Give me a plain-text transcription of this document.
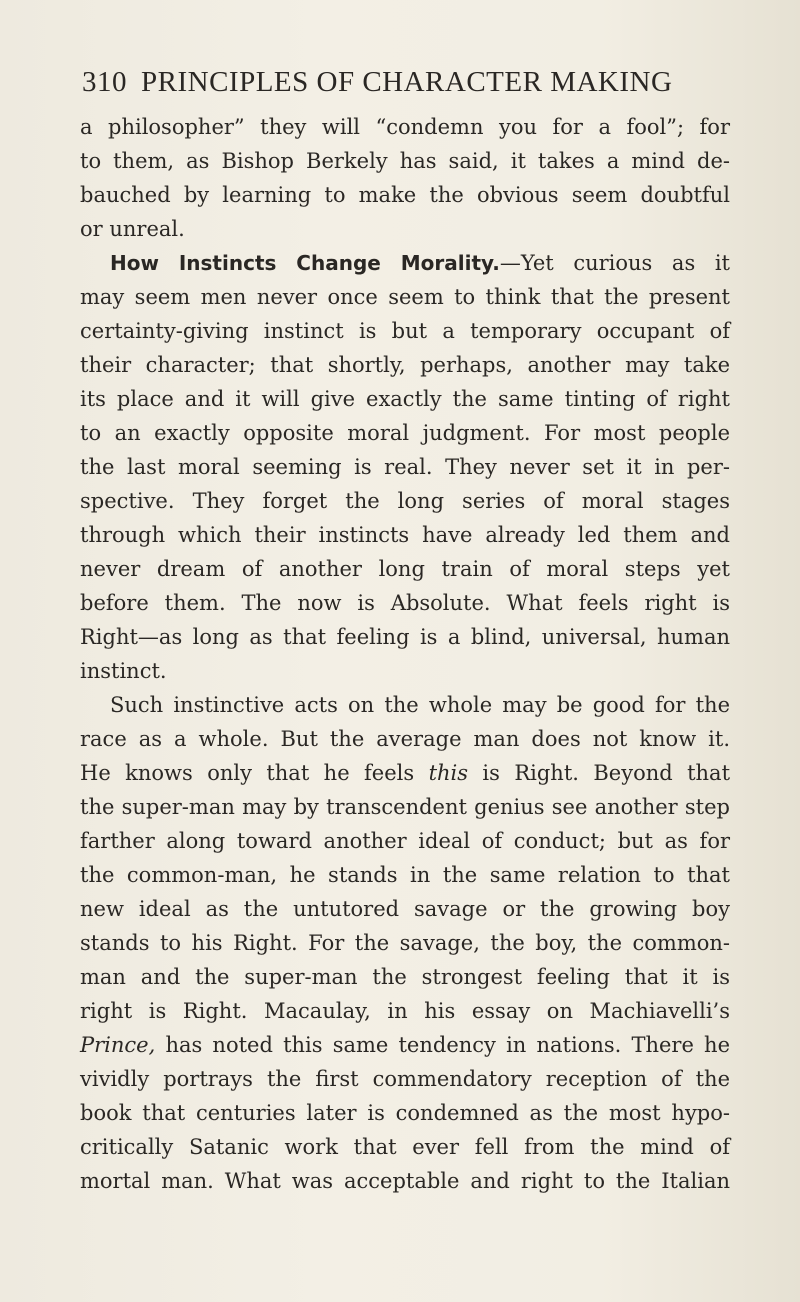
310 PRINCIPLES OF CHARACTER MAKING
a philosopher” they will “condemn you for a fool”; for
to them, as Bishop Berkely has said, it takes a mind de-
bauched by learning to make the obvious seem doubtful
or unreal.
How Instincts Change Morality.—Yet curious as it
may seem men never once seem to think that the present
certainty-giving instinct is but a temporary occupant of
their character; that shortly, perhaps, another may take
its place and it will give exactly the same tinting of right
to an exactly opposite moral judgment. For most people
the last moral seeming is real. They never set it in per-
spective. They forget the long series of moral stages
through which their instincts have already led them and
never dream of another long train of moral steps yet
before them. The now is Absolute. What feels right is
Right—as long as that feeling is a blind, universal, human
instinct.
Such instinctive acts on the whole may be good for the
race as a whole. But the average man does not know it.
He knows only that he feels this is Right. Beyond that
the super-man may by transcendent genius see another step
farther along toward another ideal of conduct; but as for
the common-man, he stands in the same relation to that
new ideal as the untutored savage or the growing boy
stands to his Right. For the savage, the boy, the common-
man and the super-man the strongest feeling that it is
right is Right. Macaulay, in his essay on Machiavelli’s
Prince, has noted this same tendency in nations. There he
vividly portrays the first commendatory reception of the
book that centuries later is condemned as the most hypo-
critically Satanic work that ever fell from the mind of
mortal man. What was acceptable and right to the Italian
